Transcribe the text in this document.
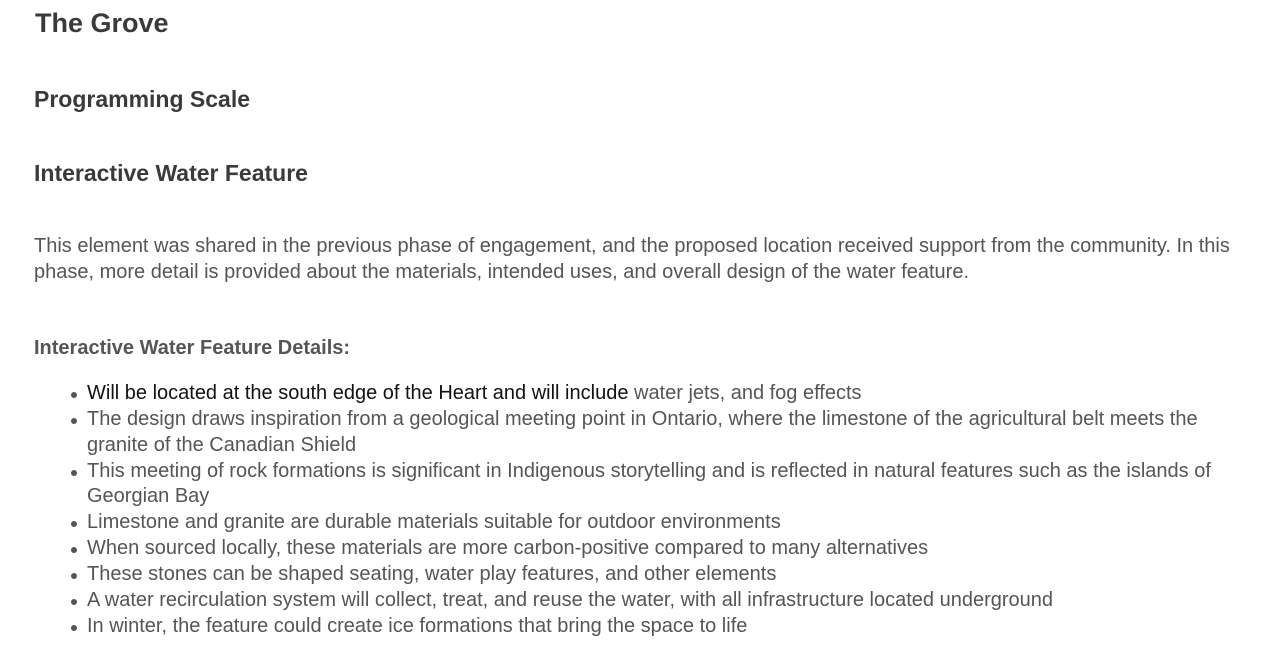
The Grove
Programming Scale
Interactive Water Feature

This element was shared in the previous phase of engagement, and the proposed location received support from the community. In this phase, more detail is provided about the materials, intended uses, and overall design of the water feature.

Interactive Water Feature Details:
Will be located at the south edge of the Heart and will include water jets, and fog effects
The design draws inspiration from a geological meeting point in Ontario, where the limestone of the agricultural belt meets the granite of the Canadian Shield
This meeting of rock formations is significant in Indigenous storytelling and is reflected in natural features such as the islands of Georgian Bay
Limestone and granite are durable materials suitable for outdoor environments
When sourced locally, these materials are more carbon-positive compared to many alternatives
These stones can be shaped seating, water play features, and other elements
A water recirculation system will collect, treat, and reuse the water, with all infrastructure located underground
In winter, the feature could create ice formations that bring the space to life
